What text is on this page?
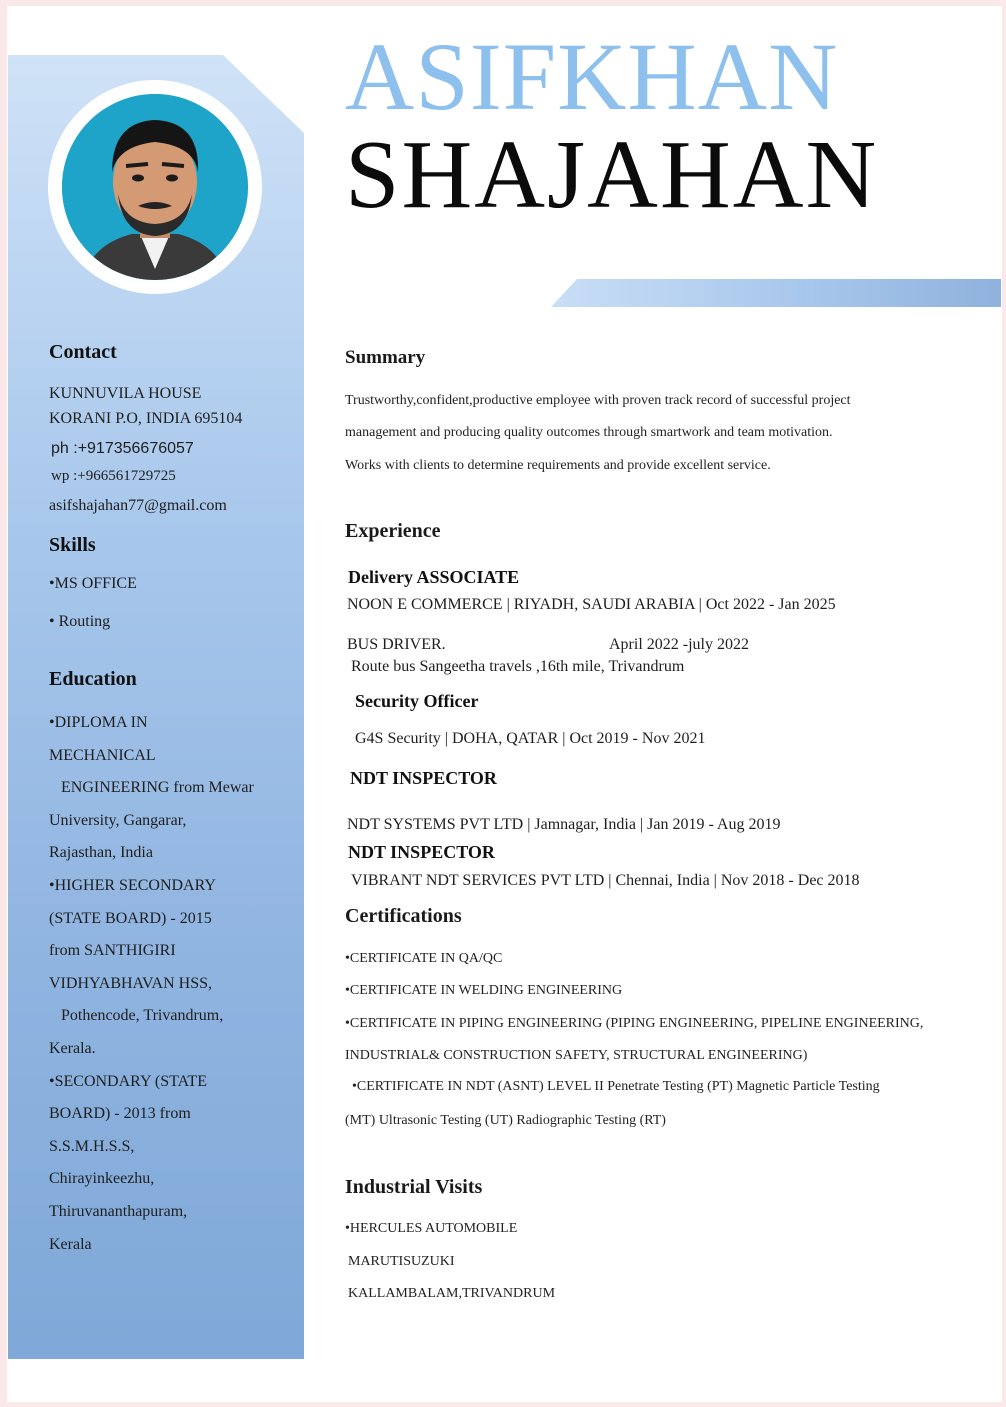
ASIFKHAN
SHAJAHAN
Contact
KUNNUVILA HOUSE
KORANI P.O, INDIA 695104
ph :+917356676057
wp :+966561729725
asifshajahan77@gmail.com
Skills
•MS OFFICE
• Routing
Education
•DIPLOMA IN
MECHANICAL
ENGINEERING from Mewar
University, Gangarar,
Rajasthan, India
•HIGHER SECONDARY
(STATE BOARD) - 2015
from SANTHIGIRI
VIDHYABHAVAN HSS,
Pothencode, Trivandrum,
Kerala.
•SECONDARY (STATE
BOARD) - 2013 from
S.S.M.H.S.S,
Chirayinkeezhu,
Thiruvananthapuram,
Kerala
Summary
Trustworthy,confident,productive employee with proven track record of successful project
management and producing quality outcomes through smartwork and team motivation.
Works with clients to determine requirements and provide excellent service.
Experience
Delivery ASSOCIATE
NOON E COMMERCE | RIYADH, SAUDI ARABIA | Oct 2022 - Jan 2025
BUS DRIVER.	April 2022 -july 2022
Route bus Sangeetha travels ,16th mile, Trivandrum
Security Officer
G4S Security | DOHA, QATAR | Oct 2019 - Nov 2021
NDT INSPECTOR
NDT SYSTEMS PVT LTD | Jamnagar, India | Jan 2019 - Aug 2019
NDT INSPECTOR
VIBRANT NDT SERVICES PVT LTD | Chennai, India | Nov 2018 - Dec 2018
Certifications
•CERTIFICATE IN QA/QC
•CERTIFICATE IN WELDING ENGINEERING
•CERTIFICATE IN PIPING ENGINEERING (PIPING ENGINEERING, PIPELINE ENGINEERING,
INDUSTRIAL& CONSTRUCTION SAFETY, STRUCTURAL ENGINEERING)
•CERTIFICATE IN NDT (ASNT) LEVEL II Penetrate Testing (PT) Magnetic Particle Testing
(MT) Ultrasonic Testing (UT) Radiographic Testing (RT)
Industrial Visits
•HERCULES AUTOMOBILE
MARUTISUZUKI
KALLAMBALAM,TRIVANDRUM
